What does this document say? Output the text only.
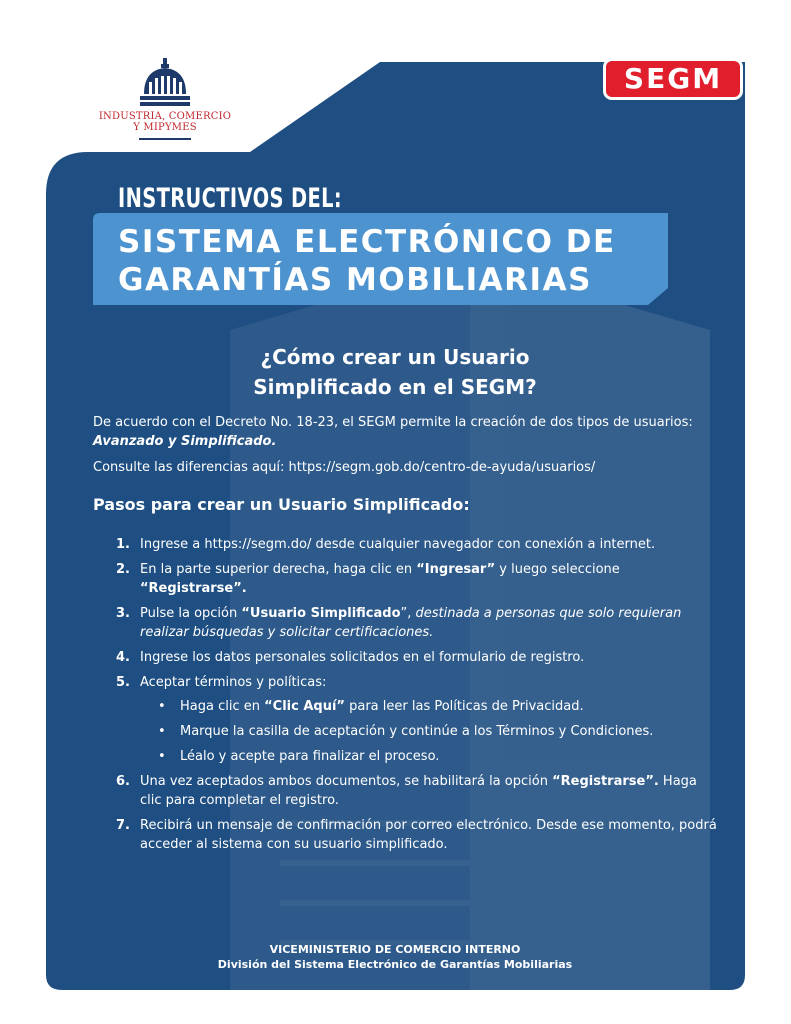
INDUSTRIA, COMERCIO
Y MIPYMES
SEGM
INSTRUCTIVOS DEL:
SISTEMA ELECTRÓNICO DE
GARANTÍAS MOBILIARIAS
¿Cómo crear un Usuario
Simplificado en el SEGM?

De acuerdo con el Decreto No. 18-23, el SEGM permite la creación de dos tipos de usuarios: Avanzado y Simplificado.

Consulte las diferencias aquí: https://segm.gob.do/centro-de-ayuda/usuarios/

Pasos para crear un Usuario Simplificado:
1. Ingrese a https://segm.do/ desde cualquier navegador con conexión a internet.
2. En la parte superior derecha, haga clic en “Ingresar” y luego seleccione “Registrarse”.
3. Pulse la opción “Usuario Simplificado”, destinada a personas que solo requieran realizar búsquedas y solicitar certificaciones.
4. Ingrese los datos personales solicitados en el formulario de registro.
5. Aceptar términos y políticas:
• Haga clic en “Clic Aquí” para leer las Políticas de Privacidad.
• Marque la casilla de aceptación y continúe a los Términos y Condiciones.
• Léalo y acepte para finalizar el proceso.
6. Una vez aceptados ambos documentos, se habilitará la opción “Registrarse”. Haga clic para completar el registro.
7. Recibirá un mensaje de confirmación por correo electrónico. Desde ese momento, podrá acceder al sistema con su usuario simplificado.
VICEMINISTERIO DE COMERCIO INTERNO
División del Sistema Electrónico de Garantías Mobiliarias
